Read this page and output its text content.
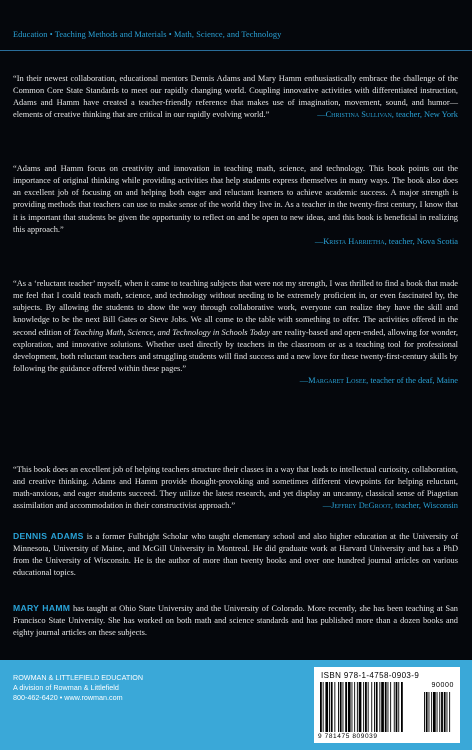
Education • Teaching Methods and Materials • Math, Science, and Technology
“In their newest collaboration, educational mentors Dennis Adams and Mary Hamm enthusiastically embrace the challenge of the Common Core State Standards to meet our rapidly changing world. Coupling innovative activities with differentiated instruction, Adams and Hamm have created a teacher-friendly reference that makes use of imagination, movement, sound, and humor—elements of creative thinking that are critical in our rapidly evolving world.”	—Christina Sullivan, teacher, New York
“Adams and Hamm focus on creativity and innovation in teaching math, science, and technology. This book points out the importance of original thinking while providing activities that help students express themselves in many ways. The book also does an excellent job of focusing on and helping both eager and reluctant learners to achieve academic success. A major strength is providing methods that teachers can use to make sense of the world they live in. As a teacher in the twenty-first century, I know that it is important that students be given the opportunity to reflect on and be open to new ideas, and this book is beneficial in realizing this approach.”
—Krista Harrietha, teacher, Nova Scotia
“As a ‘reluctant teacher’ myself, when it came to teaching subjects that were not my strength, I was thrilled to find a book that made me feel that I could teach math, science, and technology without needing to be extremely proficient in, or even fascinated by, the subjects. By allowing the students to show the way through collaborative work, everyone can realize they have the skill and knowledge to be the next Bill Gates or Steve Jobs. We all come to the table with something to offer. The activities offered in the second edition of Teaching Math, Science, and Technology in Schools Today are reality-based and open-ended, allowing for wonder, exploration, and innovative solutions. Whether used directly by teachers in the classroom or as a teaching tool for professional development, both reluctant teachers and struggling students will find success and a new love for these twenty-first-century skills by following the guidance offered within these pages.”
—Margaret Losee, teacher of the deaf, Maine
“This book does an excellent job of helping teachers structure their classes in a way that leads to intellectual curiosity, collaboration, and creative thinking. Adams and Hamm provide thought-provoking and sometimes different viewpoints for helping reluctant, math-anxious, and eager students succeed. They utilize the latest research, and yet display an uncanny, classical sense of Piagetian assimilation and accommodation in their constructivist approach.”	—Jeffrey DeGroot, teacher, Wisconsin
DENNIS ADAMS is a former Fulbright Scholar who taught elementary school and also higher education at the University of Minnesota, University of Maine, and McGill University in Montreal. He did graduate work at Harvard University and has a PhD from the University of Wisconsin. He is the author of more than twenty books and over one hundred journal articles on various educational topics.
MARY HAMM has taught at Ohio State University and the University of Colorado. More recently, she has been teaching at San Francisco State University. She has worked on both math and science standards and has published more than a dozen books and eighty journal articles on these subjects.
ROWMAN & LITTLEFIELD EDUCATION
A division of Rowman & Littlefield
800-462-6420 • www.rowman.com
ISBN 978-1-4758-0903-9
90000
9 781475 809039
